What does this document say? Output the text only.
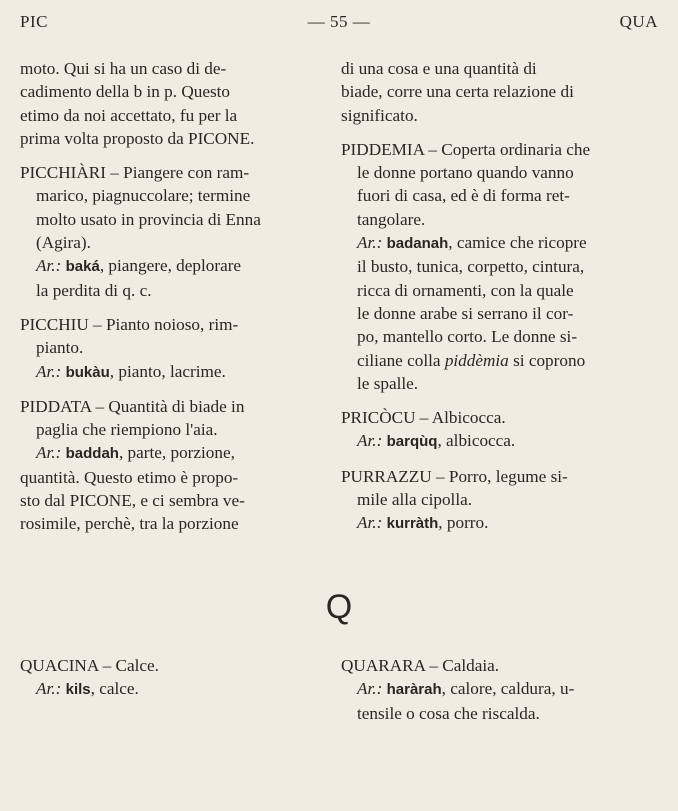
PIC	— 55 —	QUA
moto. Qui si ha un caso di de-
cadimento della b in p. Questo
etimo da noi accettato, fu per la
prima volta proposto da PICONE.
PICCHIÀRI – Piangere con ram-
marico, piagnuccolare; termine
molto usato in provincia di Enna
(Agira).
Ar.: baká, piangere, deplorare
la perdita di q. c.
PICCHIU – Pianto noioso, rim-
pianto.
Ar.: bukàu, pianto, lacrime.
PIDDATA – Quantità di biade in
paglia che riempiono l'aia.
Ar.: baddah, parte, porzione,
quantità. Questo etimo è propo-
sto dal PICONE, e ci sembra ve-
rosimile, perchè, tra la porzione
di una cosa e una quantità di
biade, corre una certa relazione di
significato.
PIDDEMIA – Coperta ordinaria che
le donne portano quando vanno
fuori di casa, ed è di forma ret-
tangolare.
Ar.: badanah, camice che ricopre
il busto, tunica, corpetto, cintura,
ricca di ornamenti, con la quale
le donne arabe si serrano il cor-
po, mantello corto. Le donne si-
ciliane colla piddèmia si coprono
le spalle.
PRICÒCU – Albicocca.
Ar.: barqùq, albicocca.
PURRAZZU – Porro, legume si-
mile alla cipolla.
Ar.: kurràth, porro.
Q
QUACINA – Calce.
Ar.: kils, calce.
QUARARA – Caldaia.
Ar.: haràrah, calore, caldura, u-
tensile o cosa che riscalda.
